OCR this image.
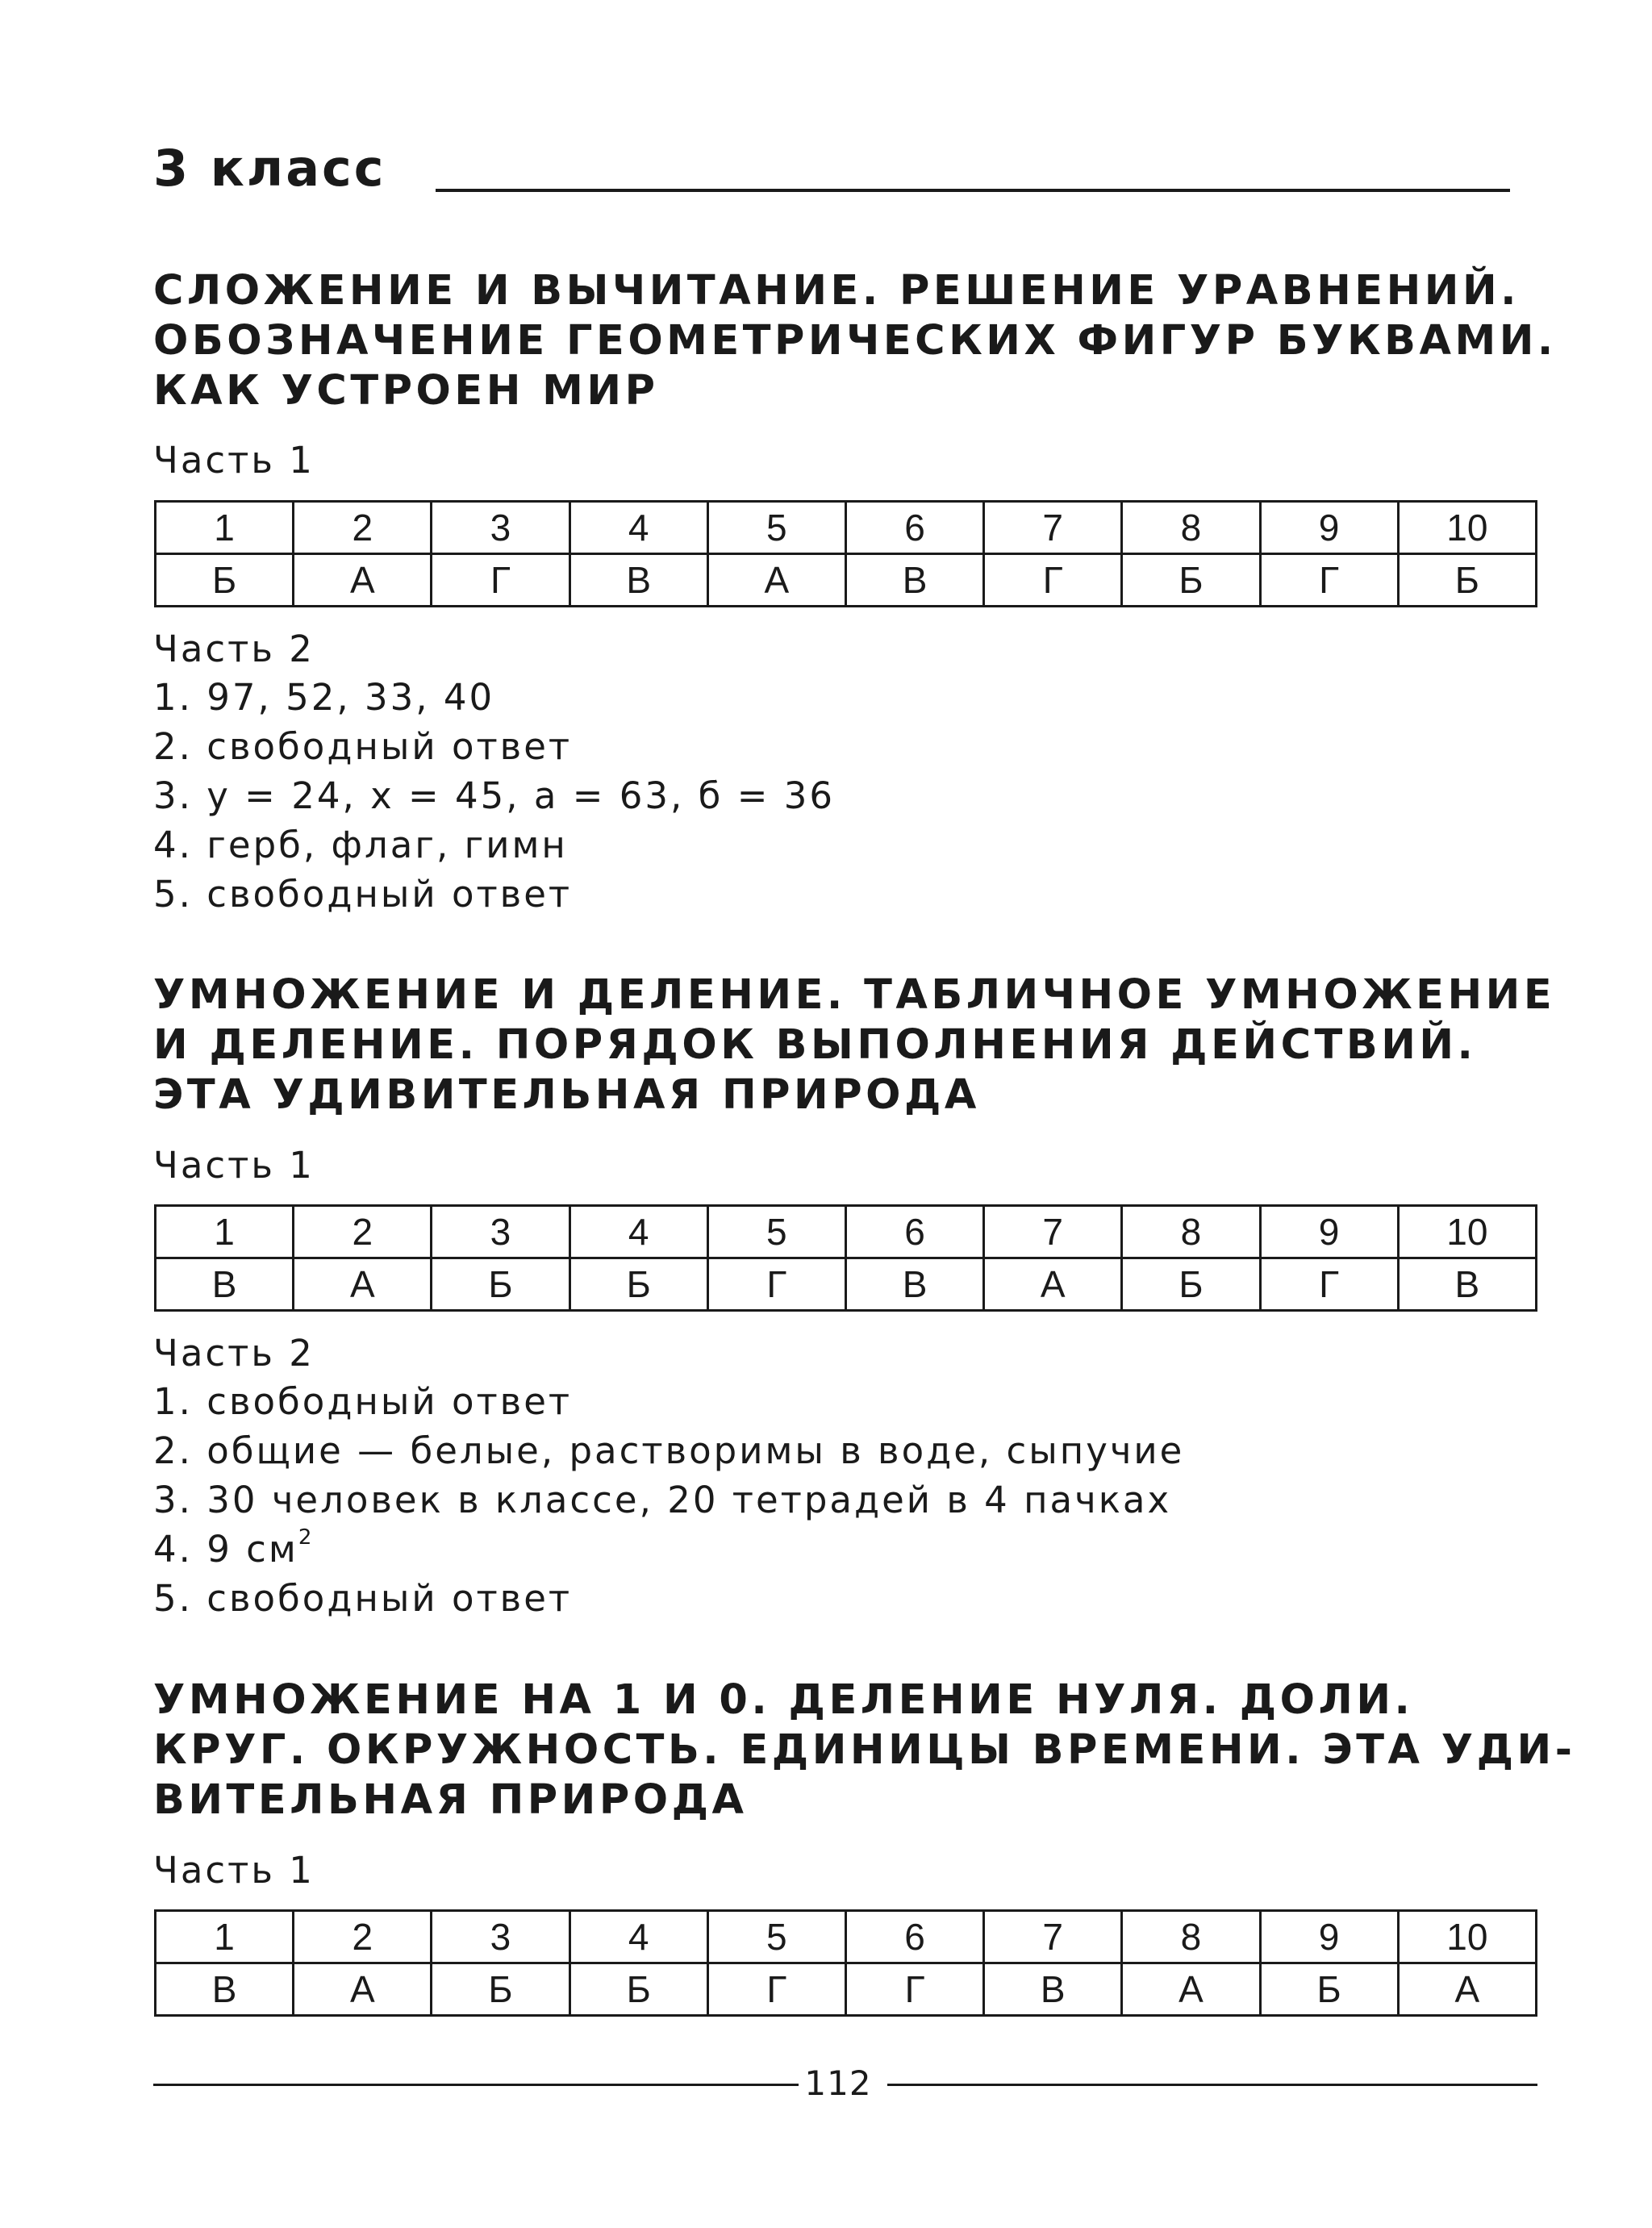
3 класс
СЛОЖЕНИЕ И ВЫЧИТАНИЕ. РЕШЕНИЕ УРАВНЕНИЙ.
ОБОЗНАЧЕНИЕ ГЕОМЕТРИЧЕСКИХ ФИГУР БУКВАМИ.
КАК УСТРОЕН МИР
Часть 1
1	2	3	4	5	6	7	8	9	10
Б	А	Г	В	А	В	Г	Б	Г	Б
Часть 2
1. 97, 52, 33, 40
2. свободный ответ
3. у = 24, х = 45, а = 63, б = 36
4. герб, флаг, гимн
5. свободный ответ
УМНОЖЕНИЕ И ДЕЛЕНИЕ. ТАБЛИЧНОЕ УМНОЖЕНИЕ
И ДЕЛЕНИЕ. ПОРЯДОК ВЫПОЛНЕНИЯ ДЕЙСТВИЙ.
ЭТА УДИВИТЕЛЬНАЯ ПРИРОДА
Часть 1
1	2	3	4	5	6	7	8	9	10
В	А	Б	Б	Г	В	А	Б	Г	В
Часть 2
1. свободный ответ
2. общие — белые, растворимы в воде, сыпучие
3. 30 человек в классе, 20 тетрадей в 4 пачках
4. 9 $см^2$
5. свободный ответ
УМНОЖЕНИЕ НА 1 И 0. ДЕЛЕНИЕ НУЛЯ. ДОЛИ.
КРУГ. ОКРУЖНОСТЬ. ЕДИНИЦЫ ВРЕМЕНИ. ЭТА УДИ-
ВИТЕЛЬНАЯ ПРИРОДА
Часть 1
1	2	3	4	5	6	7	8	9	10
В	А	Б	Б	Г	Г	В	А	Б	А
112
